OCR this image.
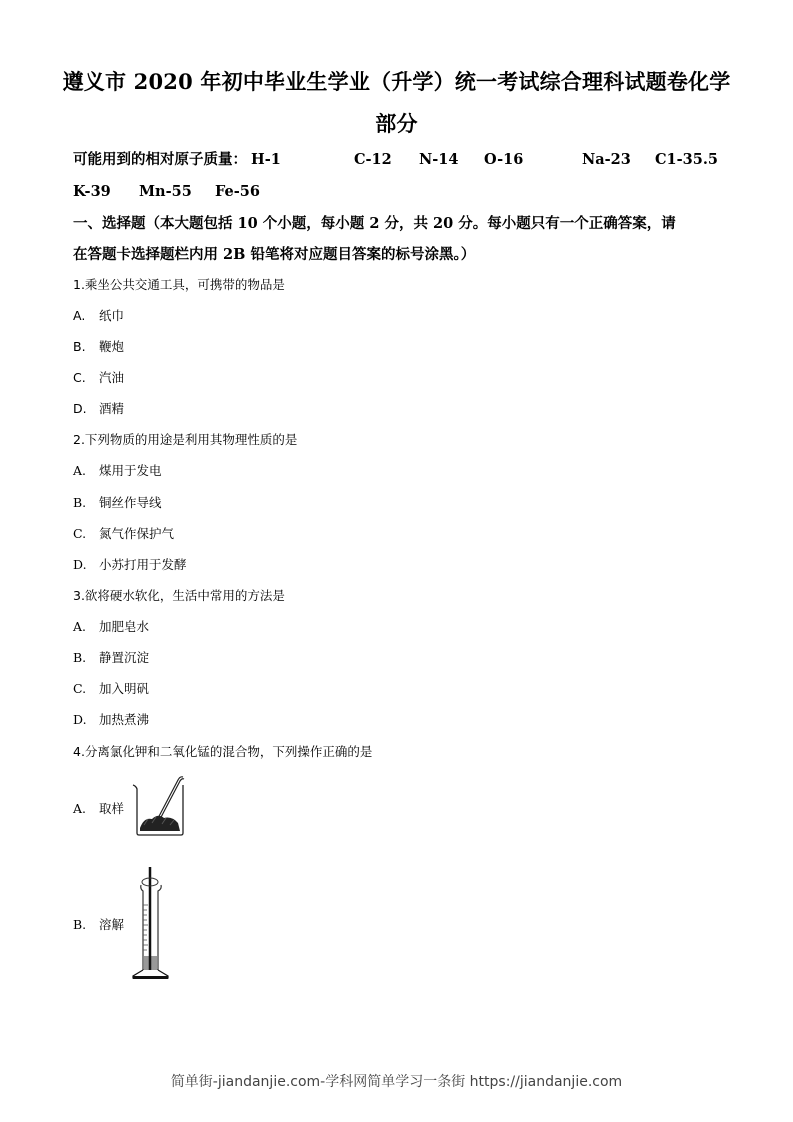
遵义市 2020 年初中毕业生学业（升学）统一考试综合理科试题卷化学
部分
可能用到的相对原子质量： H-1	C-12 N-14 O-16	Na-23 C1-35.5
K-39 Mn-55 Fe-56
一、选择题（本大题包括 10 个小题，每小题 2 分，共 20 分。每小题只有一个正确答案，请
在答题卡选择题栏内用 2B 铅笔将对应题目答案的标号涂黑。）
1.乘坐公共交通工具，可携带的物品是
A. 纸巾
B. 鞭炮
C. 汽油
D. 酒精
2.下列物质的用途是利用其物理性质的是
A. 煤用于发电
B. 铜丝作导线
C. 氮气作保护气
D. 小苏打用于发酵
3.欲将硬水软化，生活中常用的方法是
A. 加肥皂水
B. 静置沉淀
C. 加入明矾
D. 加热煮沸
4.分离氯化钾和二氧化锰的混合物，下列操作正确的是
A. 取样
B. 溶解
简单街-jiandanjie.com-学科网简单学习一条街 https://jiandanjie.com
